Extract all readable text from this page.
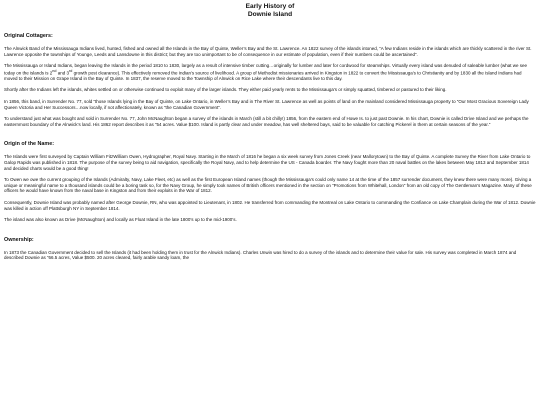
Early History of
Downie Island
Original Cottagers:

The Alnwick Band of the Mississauga Indians lived, hunted, fished and owned all the Islands in the Bay of Quinte, Weller’s Bay and the St. Lawrence. An 1822 survey of the islands intoned, “A few Indians reside in the islands which are thickly scattered in the river St. Lawrence opposite the townships of Younge, Leeds and Lansdowne in this district; but they are too unimportant to be of consequence in our estimate of population, even if their numbers could be ascertained”.

The Mississauga or Island Indians, began leaving the Islands in the period 1810 to 1830, largely as a result of intensive timber cutting…originally for lumber and later for cordwood for steamships. Virtually every island was denuded of saleable lumber (what we see today on the islands is 2nd and 3rd growth post clearance). This effectively removed the Indian’s source of livelihood. A group of Methodist missionaries arrived in Kingston in 1822 to convert the Mississauga’s to Christianity and by 1830 all the Island Indians had moved to their Mission on Grape Island in the Bay of Quinte. In 1837, the reserve moved to the Township of Alnwick on Rice Lake where their descendants live to this day.

Shortly after the Indians left the islands, whites settled on or otherwise continued to exploit many of the larger islands. They either paid yearly rents to the Mississauga’s or simply squatted, timbered or pastured to their liking.

In 1856, this band, in Surrender No. 77, sold “those Islands lying in the Bay of Quinte, on Lake Ontario, in Weller’s Bay and in The River St. Lawrence as well as points of land on the mainland considered Mississauga property to “Our Most Gracious Sovereign Lady Queen Victoria and Her Successors…now locally, if not affectionately, known as “the Canadian Government”.

To understand just what was bought and sold in Surrender No. 77, John McNaughton began a survey of the islands in March (still a bit chilly!) 1856, from the eastern end of Howe Is. to just past Downie. In his chart, Downie is called Drive Island and we perhaps the easternmost boundary of the Alnwick’s land. His 1862 report describes it as “54 acres. Value $100. Island is partly clear and under meadow, has well sheltered bays, said to be valuable for catching Pickerel in them at certain seasons of the year.”

Origin of the Name:

The Islands were first surveyed by Captain William FitzWilliam Owen, Hydrographer, Royal Navy. Starting in the March of 1816 he began a six week survey from Jones Creek (near Mallorytown) to the Bay of Quinte. A complete Survey the River from Lake Ontario to Galop Rapids was published in 1818. The purpose of the survey being to aid navigation, specifically the Royal Navy, and to help determine the US - Canada boarder. The Navy fought more than 20 naval battles on the lakes between May 1813 and September 1814 and decided charts would be a good thing!

To Owen we owe the current grouping of the Islands (Admiralty, Navy, Lake Fleet, etc) as well as the first European Island names (though the Mississauga’s could only name 14 at the time of the 1857 surrender document, they knew there were many more). Giving a unique or meaningful name to a thousand islands could be a boring task so, for the Navy Group, he simply took names of British officers mentioned in the section on “Promotions from Whitehall, London” from an old copy of The Gentleman’s Magazine. Many of these officers he would have known from the naval base in Kingston and from their exploits in the War of 1812.

Consequently, Downie Island was probably named after George Downie, RN, who was appointed to Lieutenant, in 1802. He transferred from commanding the Montreal on Lake Ontario to commanding the Confiance on Lake Champlain during the War of 1812. Downie was killed in action off Plattsburgh NY in September 1814.

The island was also known as Drive (McNaughton) and locally as Float Island in the late 1800’s up to the mid-1900’s.

Ownership:

In 1873 the Canadian Government decided to sell the Islands (it had been holding them in trust for the Alnwick Indians). Charles Unwin was hired to do a survey of the islands and to determine their value for sale. His survey was completed in March 1874 and described Downie as “66.5 acres, Value $500. 20 acres cleared, fairly arable sandy loam, the
